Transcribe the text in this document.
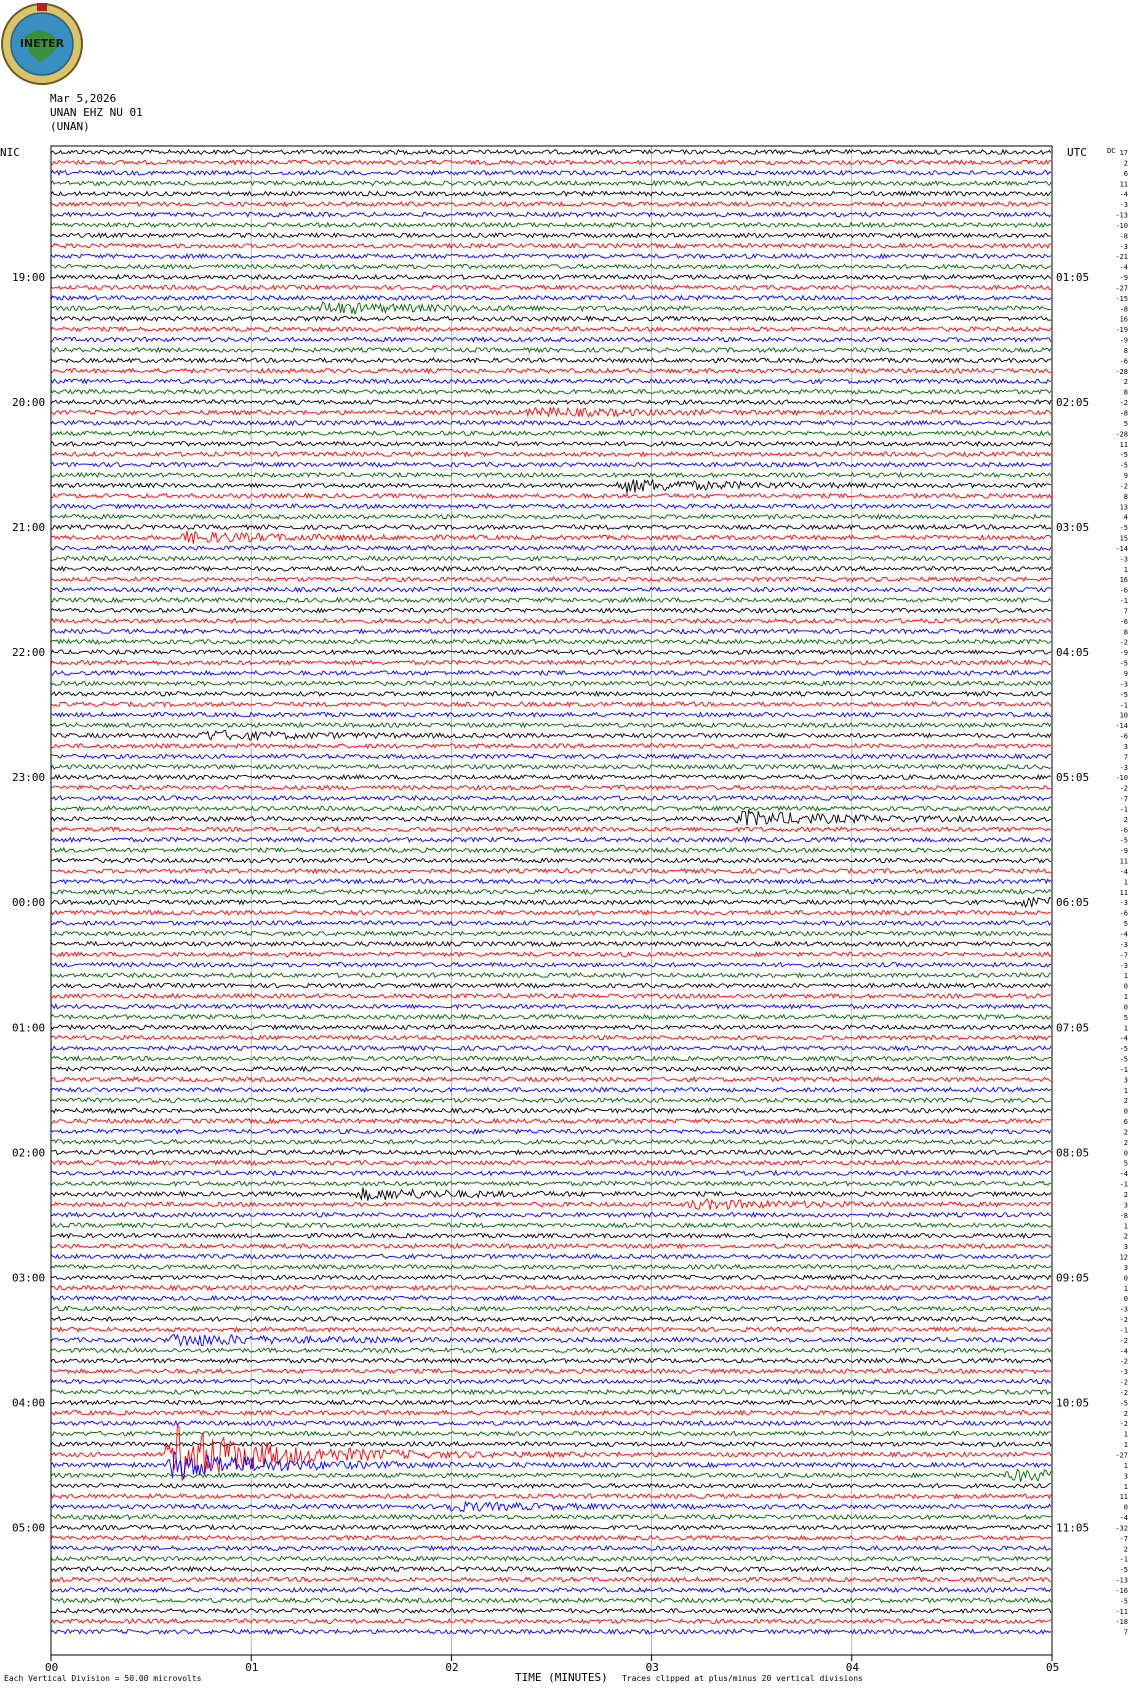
INETER
Mar 5,2026
UNAN EHZ NU 01
(UNAN)
NIC	UTC	DC
19:00
20:00
21:00
22:00
23:00
00:00
01:00
02:00
03:00
04:00
05:00
01:05
02:05
03:05
04:05
05:05
06:05
07:05
08:05
09:05
10:05
11:05
17
2
6
11
-4
-3
-13
-10
-8
-3
-21
-4
-9
-27
-15
-8
16
-19
-9
8
-6
-28
2
8
-2
-8
5
-28
11
-5
-5
9
-2
8
13
4
-5
15
-14
-3
1
16
-6
-1
7
-6
8
-2
-9
-5
9
-3
-5
-1
10
-14
-6
3
7
-3
-10
-2
-7
-1
2
-6
-5
-9
11
-4
1
11
-3
-6
5
-4
-3
-7
-3
1
0
1
0
5
1
-4
-5
-5
-1
3
1
2
0
6
2
2
0
5
-4
-1
2
3
-8
1
2
3
12
3
0
1
0
-3
-2
-1
-2
-4
-2
-3
-2
-2
-5
2
-2
1
1
-27
1
3
1
11
0
-4
-32
-7
2
-1
-5
-13
-16
-5
-11
-18
7
00	01	02	03	04	05
Each Vertical Division = 50.00 microvolts	TIME (MINUTES) Traces clipped at plus/minus 20 vertical divisions
